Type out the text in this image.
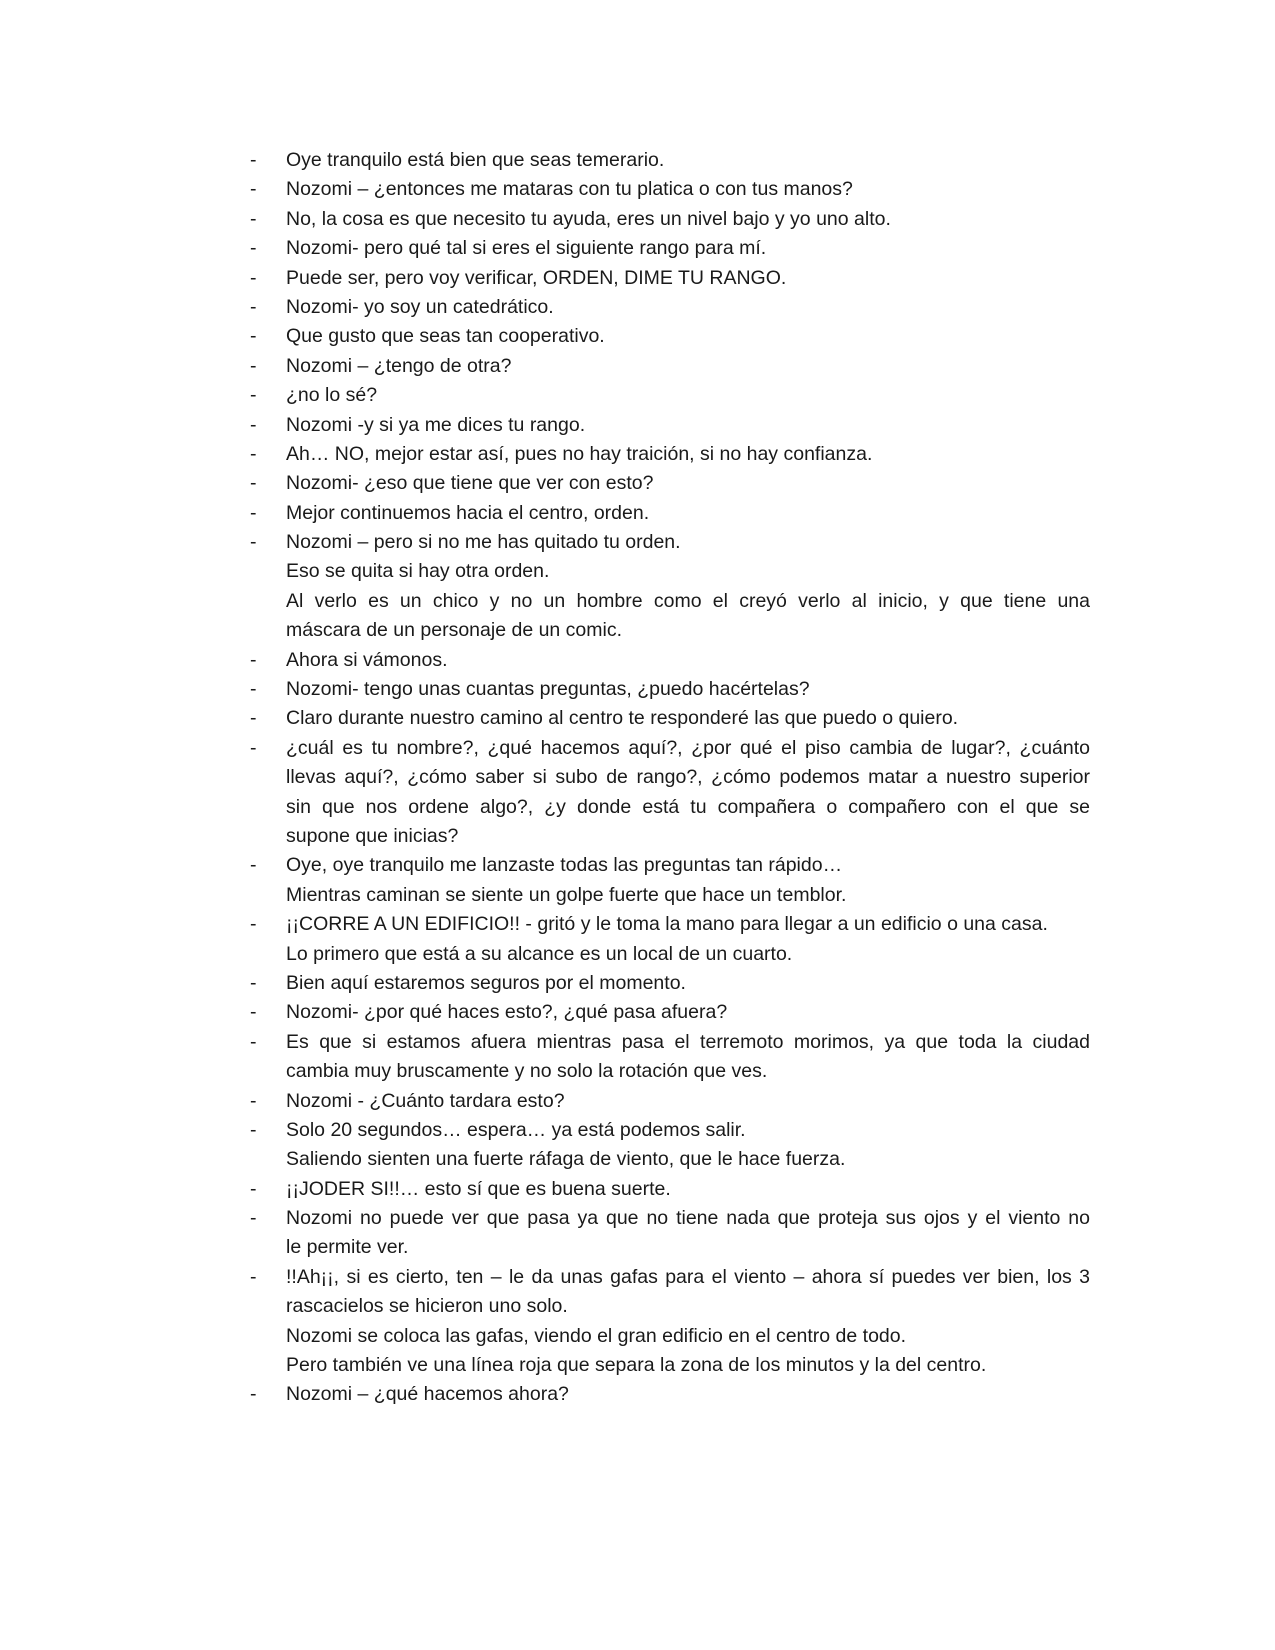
- Oye tranquilo está bien que seas temerario.
- Nozomi – ¿entonces me mataras con tu platica o con tus manos?
- No, la cosa es que necesito tu ayuda, eres un nivel bajo y yo uno alto.
- Nozomi- pero qué tal si eres el siguiente rango para mí.
- Puede ser, pero voy verificar, ORDEN, DIME TU RANGO.
- Nozomi- yo soy un catedrático.
- Que gusto que seas tan cooperativo.
- Nozomi – ¿tengo de otra?
- ¿no lo sé?
- Nozomi -y si ya me dices tu rango.
- Ah… NO, mejor estar así, pues no hay traición, si no hay confianza.
- Nozomi- ¿eso que tiene que ver con esto?
- Mejor continuemos hacia el centro, orden.
- Nozomi – pero si no me has quitado tu orden.
Eso se quita si hay otra orden.
Al verlo es un chico y no un hombre como el creyó verlo al inicio, y que tiene una
máscara de un personaje de un comic.
- Ahora si vámonos.
- Nozomi- tengo unas cuantas preguntas, ¿puedo hacértelas?
- Claro durante nuestro camino al centro te responderé las que puedo o quiero.
- ¿cuál es tu nombre?, ¿qué hacemos aquí?, ¿por qué el piso cambia de lugar?, ¿cuánto
llevas aquí?, ¿cómo saber si subo de rango?, ¿cómo podemos matar a nuestro superior
sin que nos ordene algo?, ¿y donde está tu compañera o compañero con el que se
supone que inicias?
- Oye, oye tranquilo me lanzaste todas las preguntas tan rápido…
Mientras caminan se siente un golpe fuerte que hace un temblor.
- ¡¡CORRE A UN EDIFICIO!! - gritó y le toma la mano para llegar a un edificio o una casa.
Lo primero que está a su alcance es un local de un cuarto.
- Bien aquí estaremos seguros por el momento.
- Nozomi- ¿por qué haces esto?, ¿qué pasa afuera?
- Es que si estamos afuera mientras pasa el terremoto morimos, ya que toda la ciudad
cambia muy bruscamente y no solo la rotación que ves.
- Nozomi - ¿Cuánto tardara esto?
- Solo 20 segundos… espera… ya está podemos salir.
Saliendo sienten una fuerte ráfaga de viento, que le hace fuerza.
- ¡¡JODER SI!!… esto sí que es buena suerte.
- Nozomi no puede ver que pasa ya que no tiene nada que proteja sus ojos y el viento no
le permite ver.
- !!Ah¡¡, si es cierto, ten – le da unas gafas para el viento – ahora sí puedes ver bien, los 3
rascacielos se hicieron uno solo.
Nozomi se coloca las gafas, viendo el gran edificio en el centro de todo.
Pero también ve una línea roja que separa la zona de los minutos y la del centro.
- Nozomi – ¿qué hacemos ahora?
